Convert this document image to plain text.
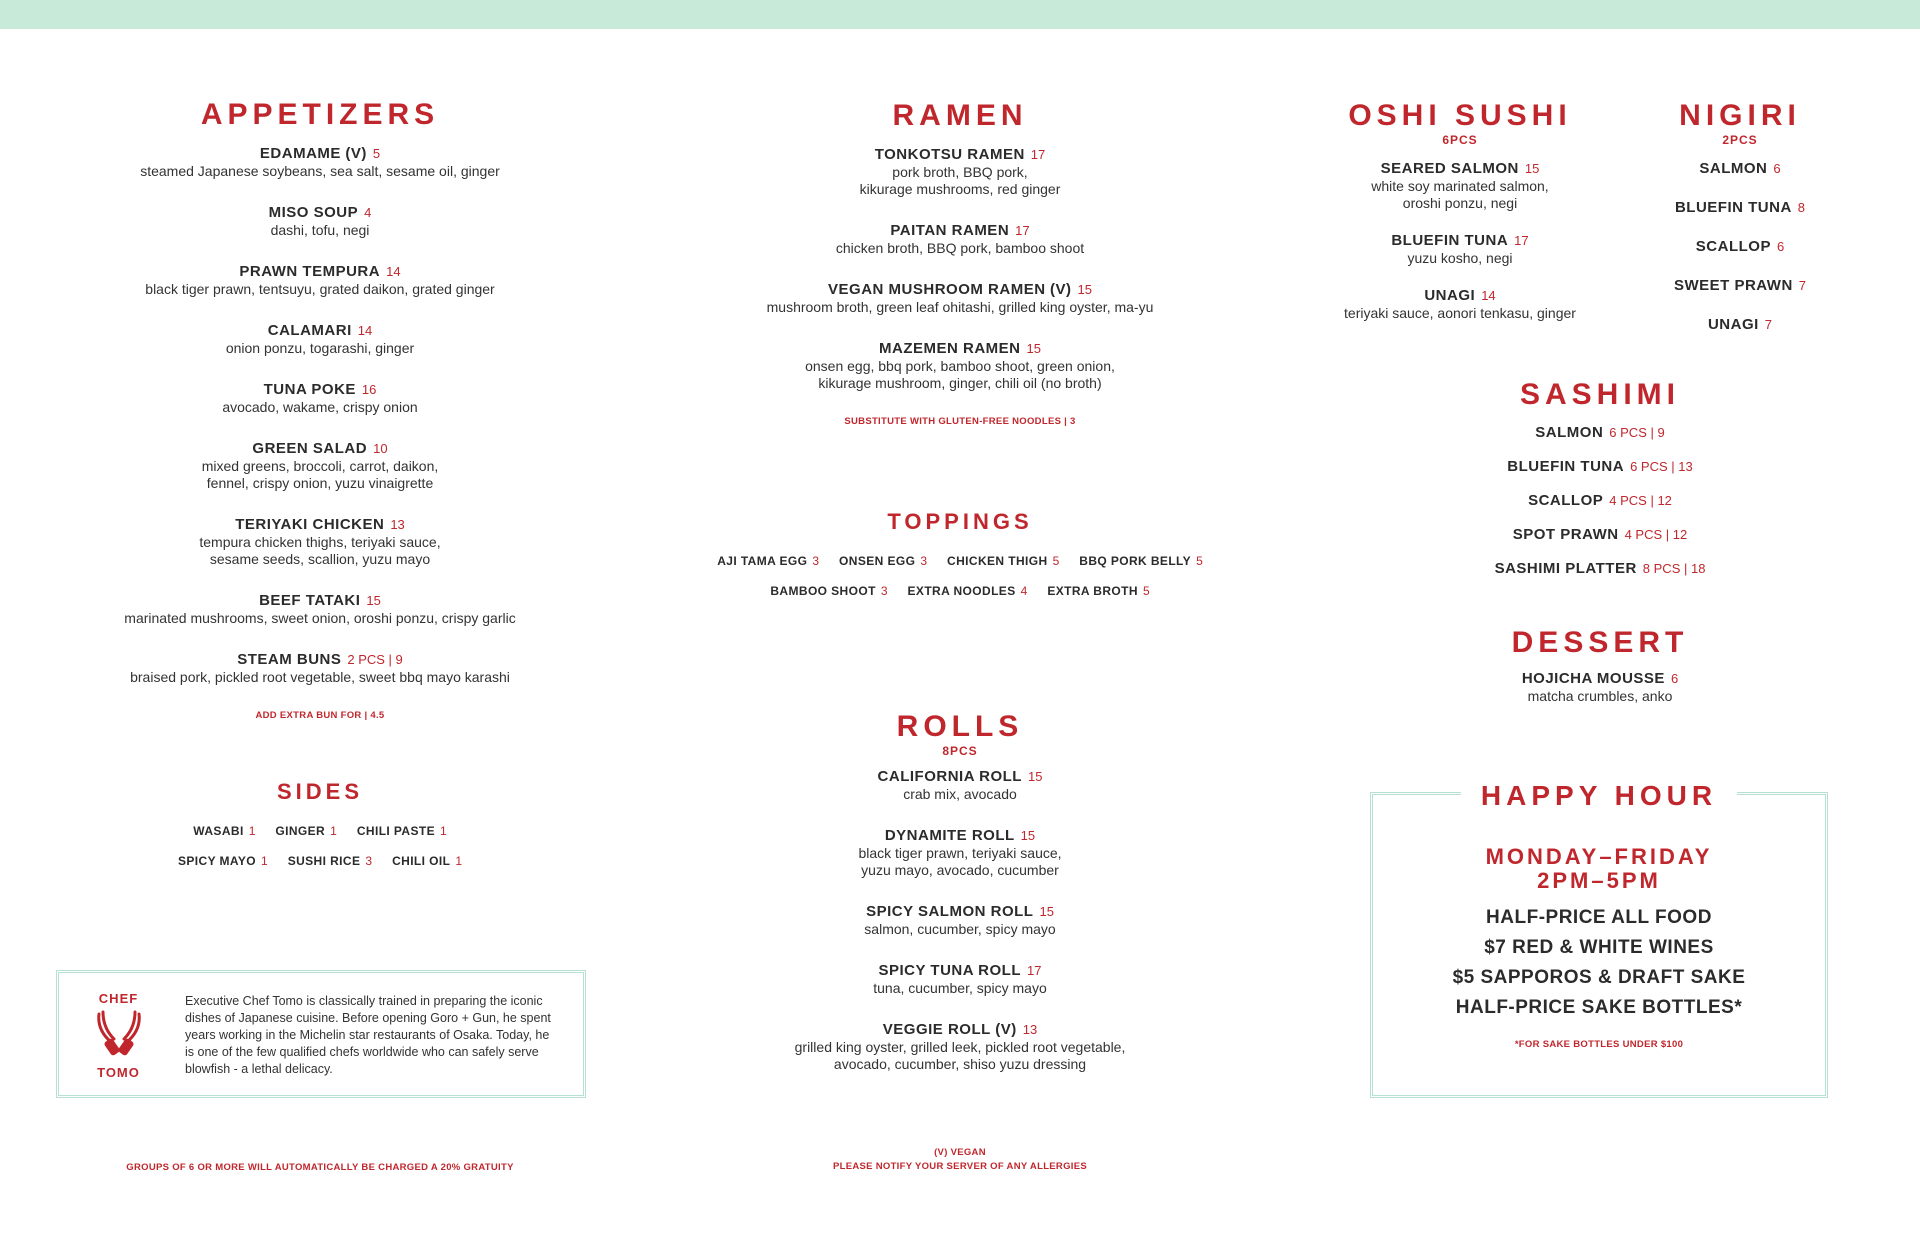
APPETIZERS
EDAMAME (V) 5
steamed Japanese soybeans, sea salt, sesame oil, ginger
MISO SOUP 4
dashi, tofu, negi
PRAWN TEMPURA 14
black tiger prawn, tentsuyu, grated daikon, grated ginger
CALAMARI 14
onion ponzu, togarashi, ginger
TUNA POKE 16
avocado, wakame, crispy onion
GREEN SALAD 10
mixed greens, broccoli, carrot, daikon,
fennel, crispy onion, yuzu vinaigrette
TERIYAKI CHICKEN 13
tempura chicken thighs, teriyaki sauce,
sesame seeds, scallion, yuzu mayo
BEEF TATAKI 15
marinated mushrooms, sweet onion, oroshi ponzu, crispy garlic
STEAM BUNS 2 PCS | 9
braised pork, pickled root vegetable, sweet bbq mayo karashi
ADD EXTRA BUN FOR | 4.5
SIDES
WASABI 1 GINGER 1 CHILI PASTE 1
SPICY MAYO 1 SUSHI RICE 3 CHILI OIL 1
CHEF
TOMO
Executive Chef Tomo is classically trained in preparing the iconic dishes of Japanese cuisine. Before opening Goro + Gun, he spent years working in the Michelin star restaurants of Osaka. Today, he is one of the few qualified chefs worldwide who can safely serve blowfish - a lethal delicacy.
GROUPS OF 6 OR MORE WILL AUTOMATICALLY BE CHARGED A 20% GRATUITY
RAMEN
TONKOTSU RAMEN 17
pork broth, BBQ pork,
kikurage mushrooms, red ginger
PAITAN RAMEN 17
chicken broth, BBQ pork, bamboo shoot
VEGAN MUSHROOM RAMEN (V) 15
mushroom broth, green leaf ohitashi, grilled king oyster, ma-yu
MAZEMEN RAMEN 15
onsen egg, bbq pork, bamboo shoot, green onion,
kikurage mushroom, ginger, chili oil (no broth)
SUBSTITUTE WITH GLUTEN-FREE NOODLES | 3
TOPPINGS
AJI TAMA EGG 3 ONSEN EGG 3 CHICKEN THIGH 5 BBQ PORK BELLY 5
BAMBOO SHOOT 3 EXTRA NOODLES 4 EXTRA BROTH 5
ROLLS
8PCS
CALIFORNIA ROLL 15
crab mix, avocado
DYNAMITE ROLL 15
black tiger prawn, teriyaki sauce,
yuzu mayo, avocado, cucumber
SPICY SALMON ROLL 15
salmon, cucumber, spicy mayo
SPICY TUNA ROLL 17
tuna, cucumber, spicy mayo
VEGGIE ROLL (V) 13
grilled king oyster, grilled leek, pickled root vegetable,
avocado, cucumber, shiso yuzu dressing
(V) VEGAN
PLEASE NOTIFY YOUR SERVER OF ANY ALLERGIES
OSHI SUSHI
6PCS
SEARED SALMON 15
white soy marinated salmon,
oroshi ponzu, negi
BLUEFIN TUNA 17
yuzu kosho, negi
UNAGI 14
teriyaki sauce, aonori tenkasu, ginger
NIGIRI
2PCS
SALMON 6
BLUEFIN TUNA 8
SCALLOP 6
SWEET PRAWN 7
UNAGI 7
SASHIMI
SALMON 6 PCS | 9
BLUEFIN TUNA 6 PCS | 13
SCALLOP 4 PCS | 12
SPOT PRAWN 4 PCS | 12
SASHIMI PLATTER 8 PCS | 18
DESSERT
HOJICHA MOUSSE 6
matcha crumbles, anko
HAPPY HOUR
MONDAY–FRIDAY
2PM–5PM
HALF-PRICE ALL FOOD
$7 RED & WHITE WINES
$5 SAPPOROS & DRAFT SAKE
HALF-PRICE SAKE BOTTLES*
*FOR SAKE BOTTLES UNDER $100
